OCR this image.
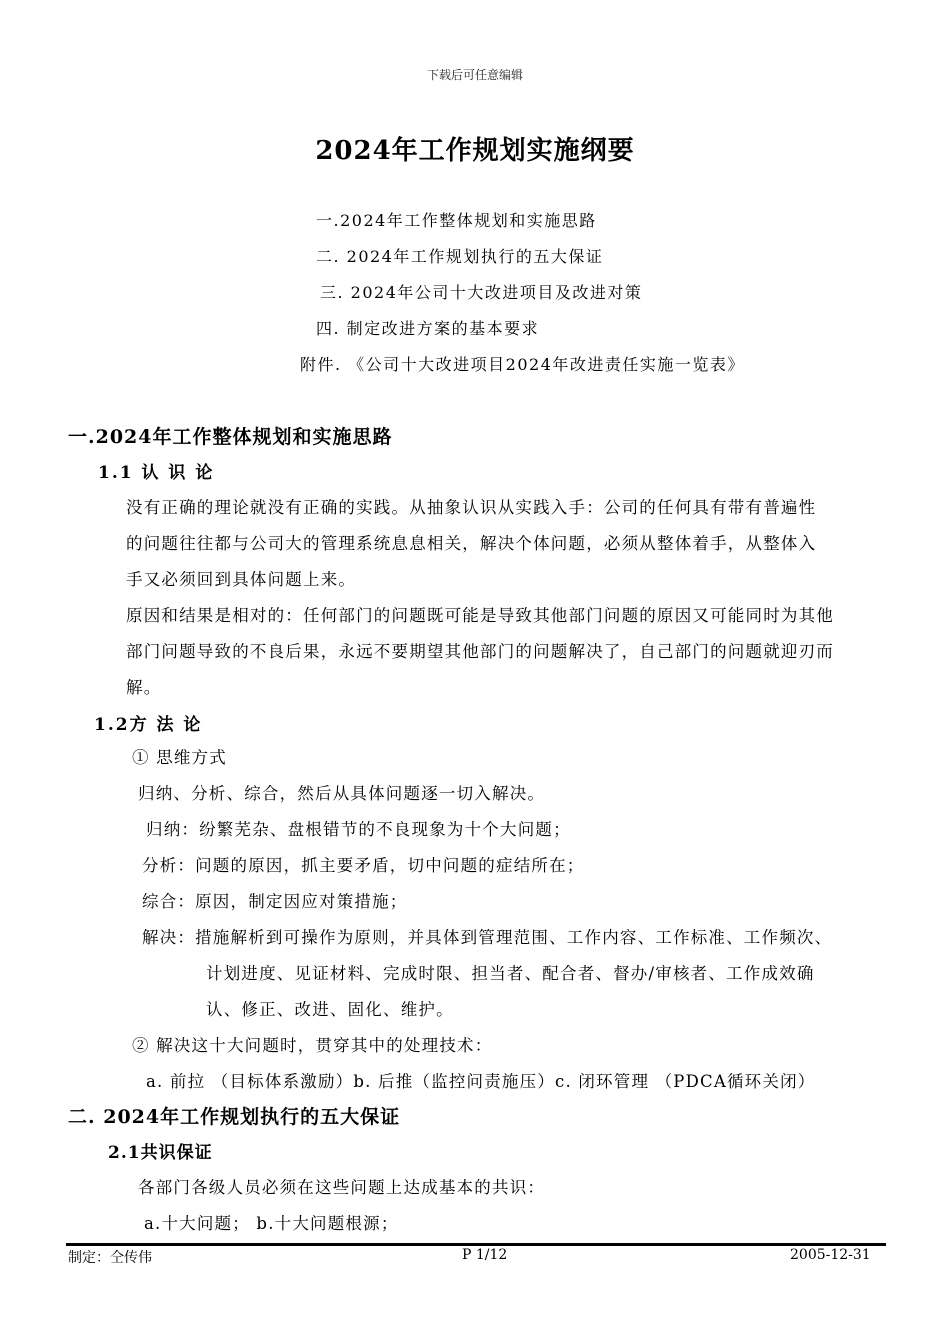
下载后可任意编辑
2024年工作规划实施纲要
一.2024年工作整体规划和实施思路
二. 2024年工作规划执行的五大保证
三. 2024年公司十大改进项目及改进对策
四. 制定改进方案的基本要求
附件. 《公司十大改进项目2024年改进责任实施一览表》
一.2024年工作整体规划和实施思路
1.1 认 识 论
没有正确的理论就没有正确的实践。从抽象认识从实践入手：公司的任何具有带有普遍性
的问题往往都与公司大的管理系统息息相关，解决个体问题，必须从整体着手，从整体入
手又必须回到具体问题上来。
原因和结果是相对的：任何部门的问题既可能是导致其他部门问题的原因又可能同时为其他
部门问题导致的不良后果，永远不要期望其他部门的问题解决了，自己部门的问题就迎刃而
解。
1.2方 法 论
① 思维方式
归纳、分析、综合，然后从具体问题逐一切入解决。
归纳：纷繁芜杂、盘根错节的不良现象为十个大问题；
分析：问题的原因，抓主要矛盾，切中问题的症结所在；
综合：原因，制定因应对策措施；
解决：措施解析到可操作为原则，并具体到管理范围、工作内容、工作标准、工作频次、
计划进度、见证材料、完成时限、担当者、配合者、督办/审核者、工作成效确
认、修正、改进、固化、维护。
② 解决这十大问题时，贯穿其中的处理技术：
a. 前拉 （目标体系激励）b. 后推（监控问责施压）c. 闭环管理 （PDCA循环关闭）
二. 2024年工作规划执行的五大保证
2.1共识保证
各部门各级人员必须在这些问题上达成基本的共识：
a.十大问题； b.十大问题根源；
制定：仝传伟	P 1/12	2005-12-31
